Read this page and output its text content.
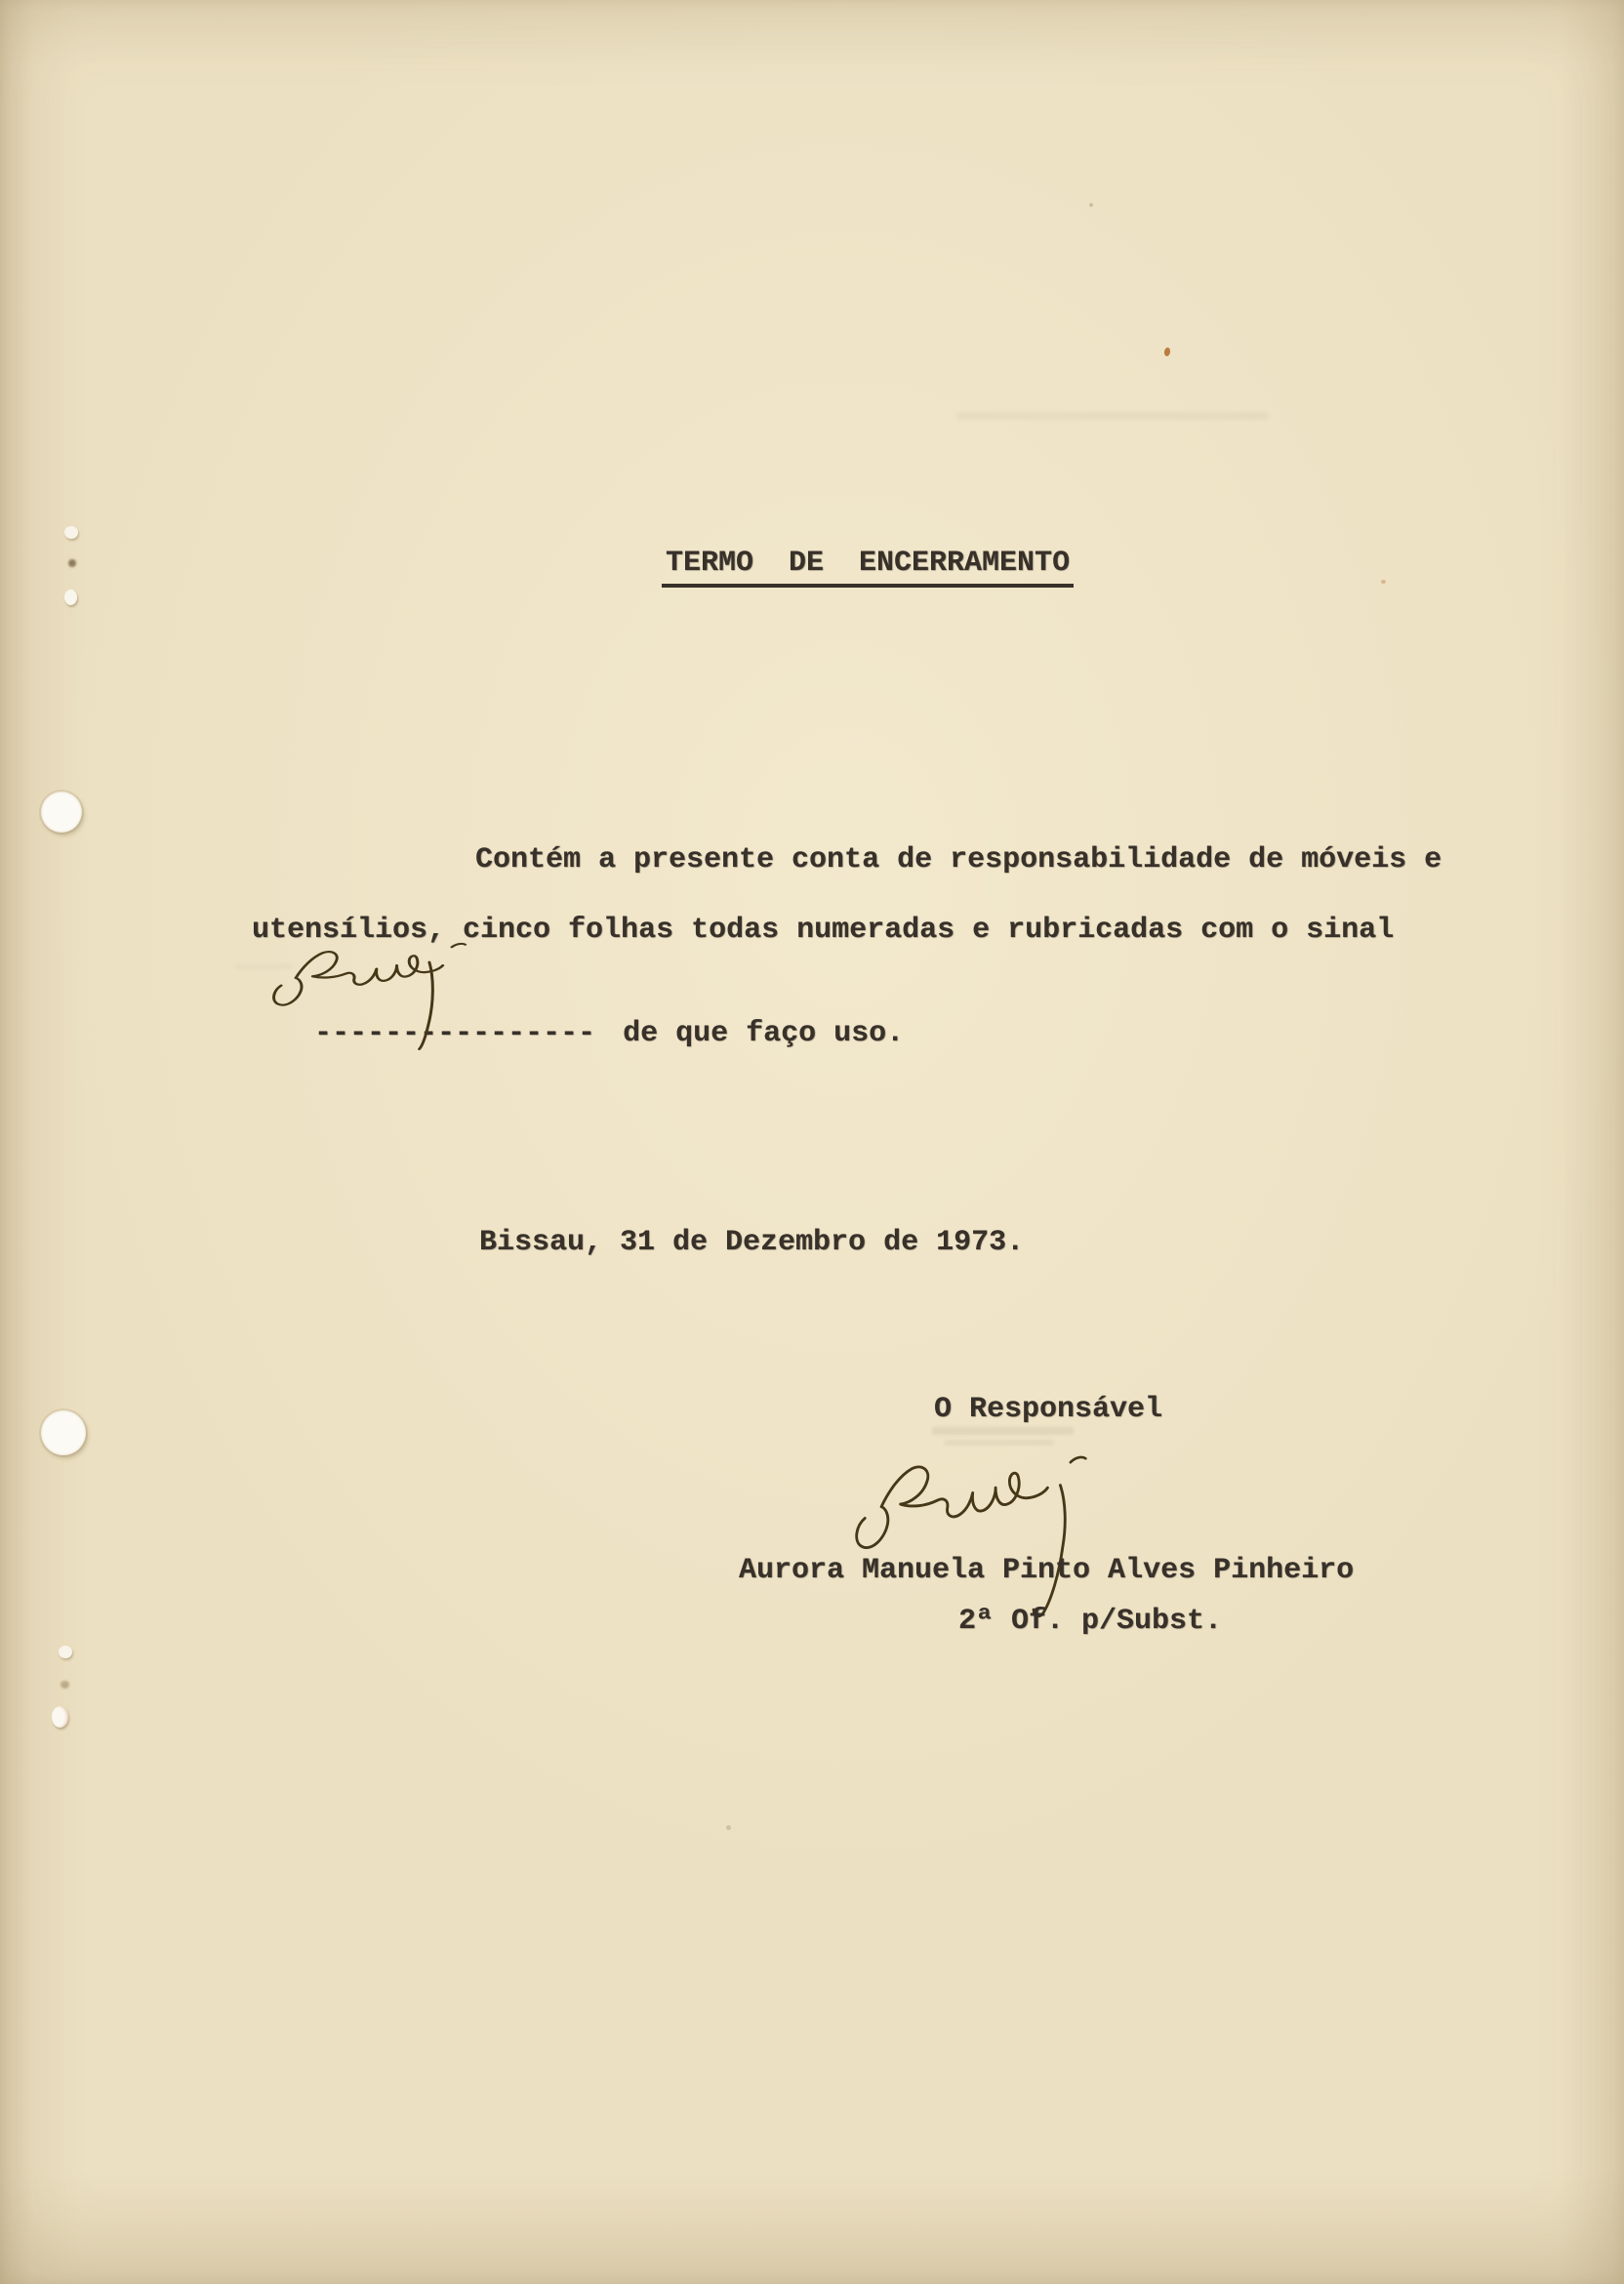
TERMO  DE  ENCERRAMENTO
Contém a presente conta de responsabilidade de móveis e
utensílios, cinco folhas todas numeradas e rubricadas com o sinal

---------------- de que faço uso.

Bissau, 31 de Dezembro de 1973.
O Responsável
Aurora Manuela Pinto Alves Pinheiro
2ª Of. p/Subst.
